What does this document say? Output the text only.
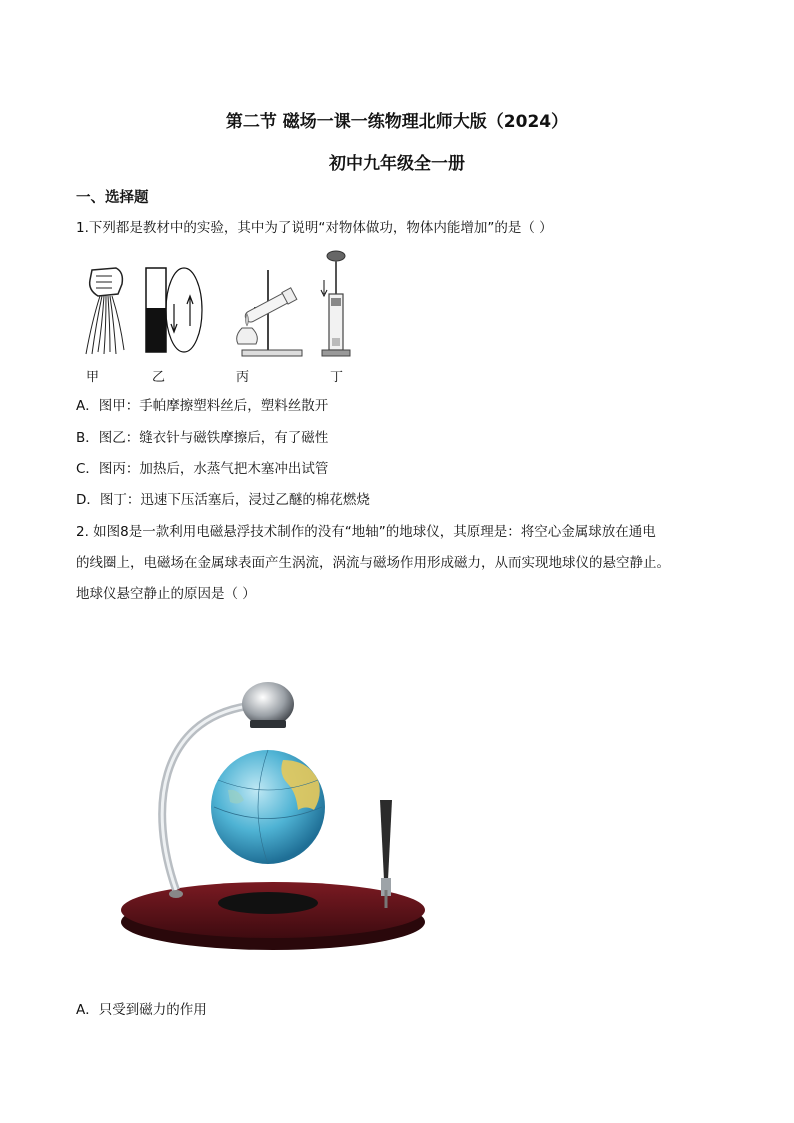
第二节 磁场一课一练物理北师大版（2024）
初中九年级全一册
一、选择题
1.下列都是教材中的实验，其中为了说明“对物体做功，物体内能增加”的是（ ）
甲	乙	丙	丁
A．图甲：手帕摩擦塑料丝后，塑料丝散开
B．图乙：缝衣针与磁铁摩擦后，有了磁性
C．图丙：加热后，水蒸气把木塞冲出试管
D．图丁：迅速下压活塞后，浸过乙醚的棉花燃烧
2. 如图8是一款利用电磁悬浮技术制作的没有“地轴”的地球仪，其原理是：将空心金属球放在通电
的线圈上，电磁场在金属球表面产生涡流，涡流与磁场作用形成磁力，从而实现地球仪的悬空静止。
地球仪悬空静止的原因是（ ）
A．只受到磁力的作用
